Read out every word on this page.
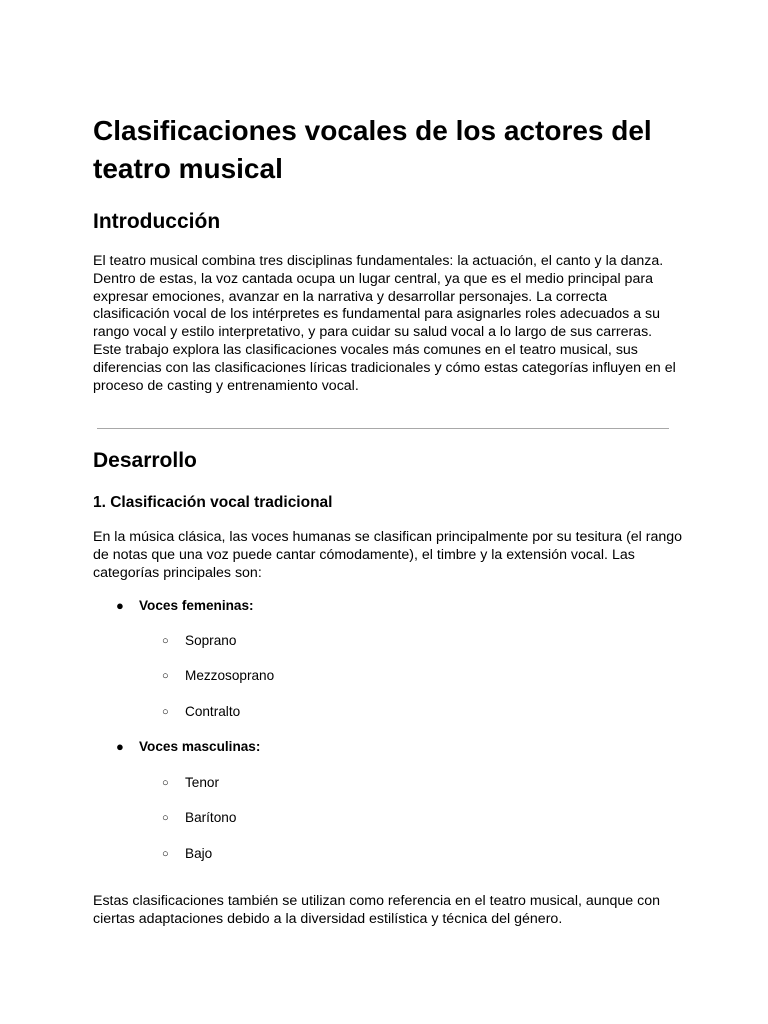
Clasificaciones vocales de los actores del teatro musical
Introducción

El teatro musical combina tres disciplinas fundamentales: la actuación, el canto y la danza. Dentro de estas, la voz cantada ocupa un lugar central, ya que es el medio principal para expresar emociones, avanzar en la narrativa y desarrollar personajes. La correcta clasificación vocal de los intérpretes es fundamental para asignarles roles adecuados a su rango vocal y estilo interpretativo, y para cuidar su salud vocal a lo largo de sus carreras. Este trabajo explora las clasificaciones vocales más comunes en el teatro musical, sus diferencias con las clasificaciones líricas tradicionales y cómo estas categorías influyen en el proceso de casting y entrenamiento vocal.

Desarrollo
1. Clasificación vocal tradicional

En la música clásica, las voces humanas se clasifican principalmente por su tesitura (el rango de notas que una voz puede cantar cómodamente), el timbre y la extensión vocal. Las categorías principales son:

● Voces femeninas:
○ Soprano
○ Mezzosoprano
○ Contralto
● Voces masculinas:
○ Tenor
○ Barítono
○ Bajo

Estas clasificaciones también se utilizan como referencia en el teatro musical, aunque con ciertas adaptaciones debido a la diversidad estilística y técnica del género.
